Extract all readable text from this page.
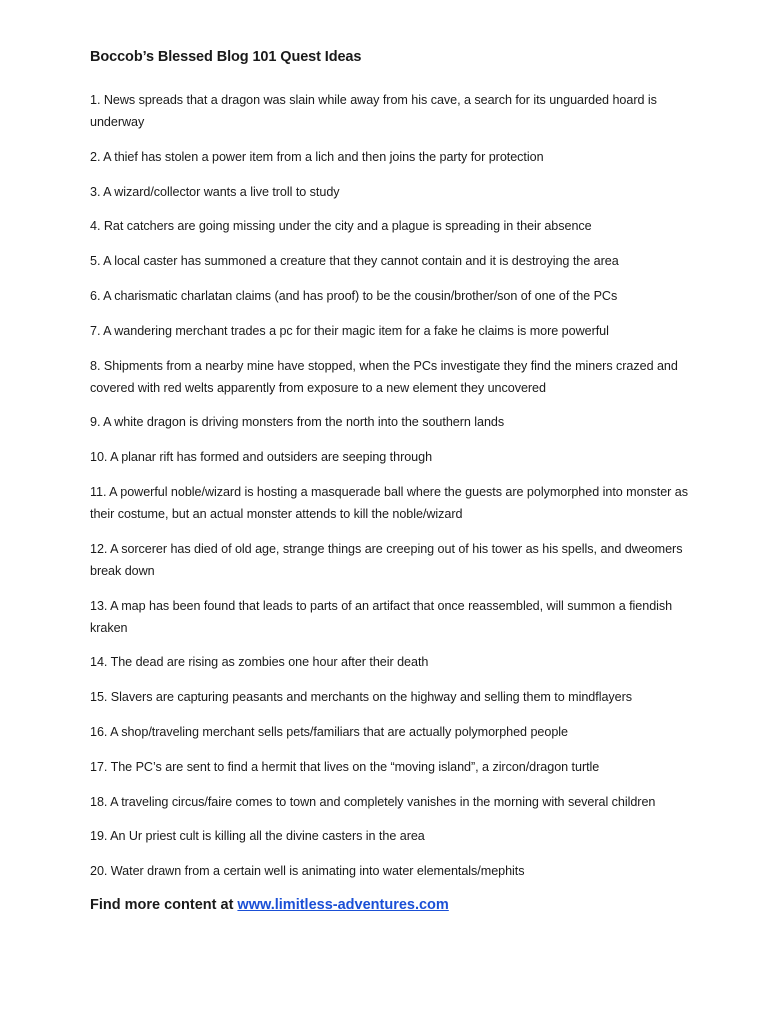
Boccob’s Blessed Blog 101 Quest Ideas
1. News spreads that a dragon was slain while away from his cave, a search for its unguarded hoard is underway
2. A thief has stolen a power item from a lich and then joins the party for protection
3. A wizard/collector wants a live troll to study
4. Rat catchers are going missing under the city and a plague is spreading in their absence
5. A local caster has summoned a creature that they cannot contain and it is destroying the area
6. A charismatic charlatan claims (and has proof) to be the cousin/brother/son of one of the PCs
7. A wandering merchant trades a pc for their magic item for a fake he claims is more powerful
8. Shipments from a nearby mine have stopped, when the PCs investigate they find the miners crazed and covered with red welts apparently from exposure to a new element they uncovered
9. A white dragon is driving monsters from the north into the southern lands
10. A planar rift has formed and outsiders are seeping through
11. A powerful noble/wizard is hosting a masquerade ball where the guests are polymorphed into monster as their costume, but an actual monster attends to kill the noble/wizard
12. A sorcerer has died of old age, strange things are creeping out of his tower as his spells, and dweomers break down
13. A map has been found that leads to parts of an artifact that once reassembled, will summon a fiendish kraken
14. The dead are rising as zombies one hour after their death
15. Slavers are capturing peasants and merchants on the highway and selling them to mindflayers
16. A shop/traveling merchant sells pets/familiars that are actually polymorphed people
17. The PC’s are sent to find a hermit that lives on the “moving island”, a zircon/dragon turtle
18. A traveling circus/faire comes to town and completely vanishes in the morning with several children
19. An Ur priest cult is killing all the divine casters in the area
20. Water drawn from a certain well is animating into water elementals/mephits
Find more content at www.limitless-adventures.com
